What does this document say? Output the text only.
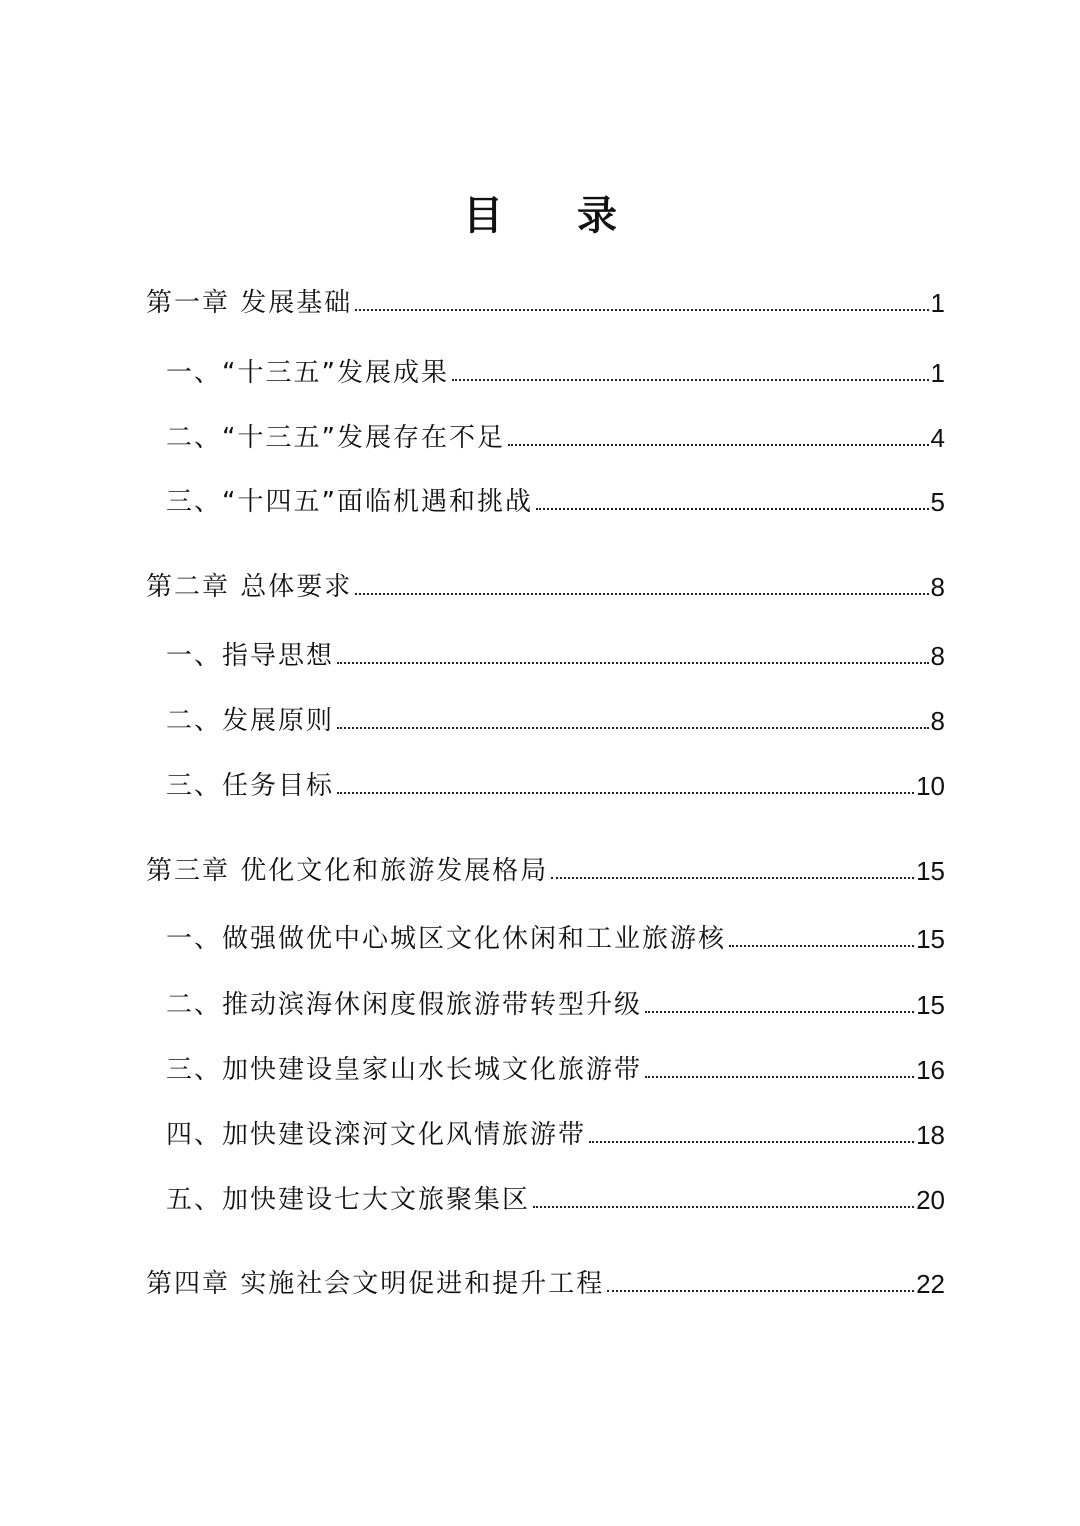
目 录
第一章 发展基础	1
一、“十三五”发展成果	1
二、“十三五”发展存在不足	4
三、“十四五”面临机遇和挑战	5
第二章 总体要求	8
一、指导思想	8
二、发展原则	8
三、任务目标	10
第三章 优化文化和旅游发展格局	15
一、做强做优中心城区文化休闲和工业旅游核	15
二、推动滨海休闲度假旅游带转型升级	15
三、加快建设皇家山水长城文化旅游带	16
四、加快建设滦河文化风情旅游带	18
五、加快建设七大文旅聚集区	20
第四章 实施社会文明促进和提升工程	22
